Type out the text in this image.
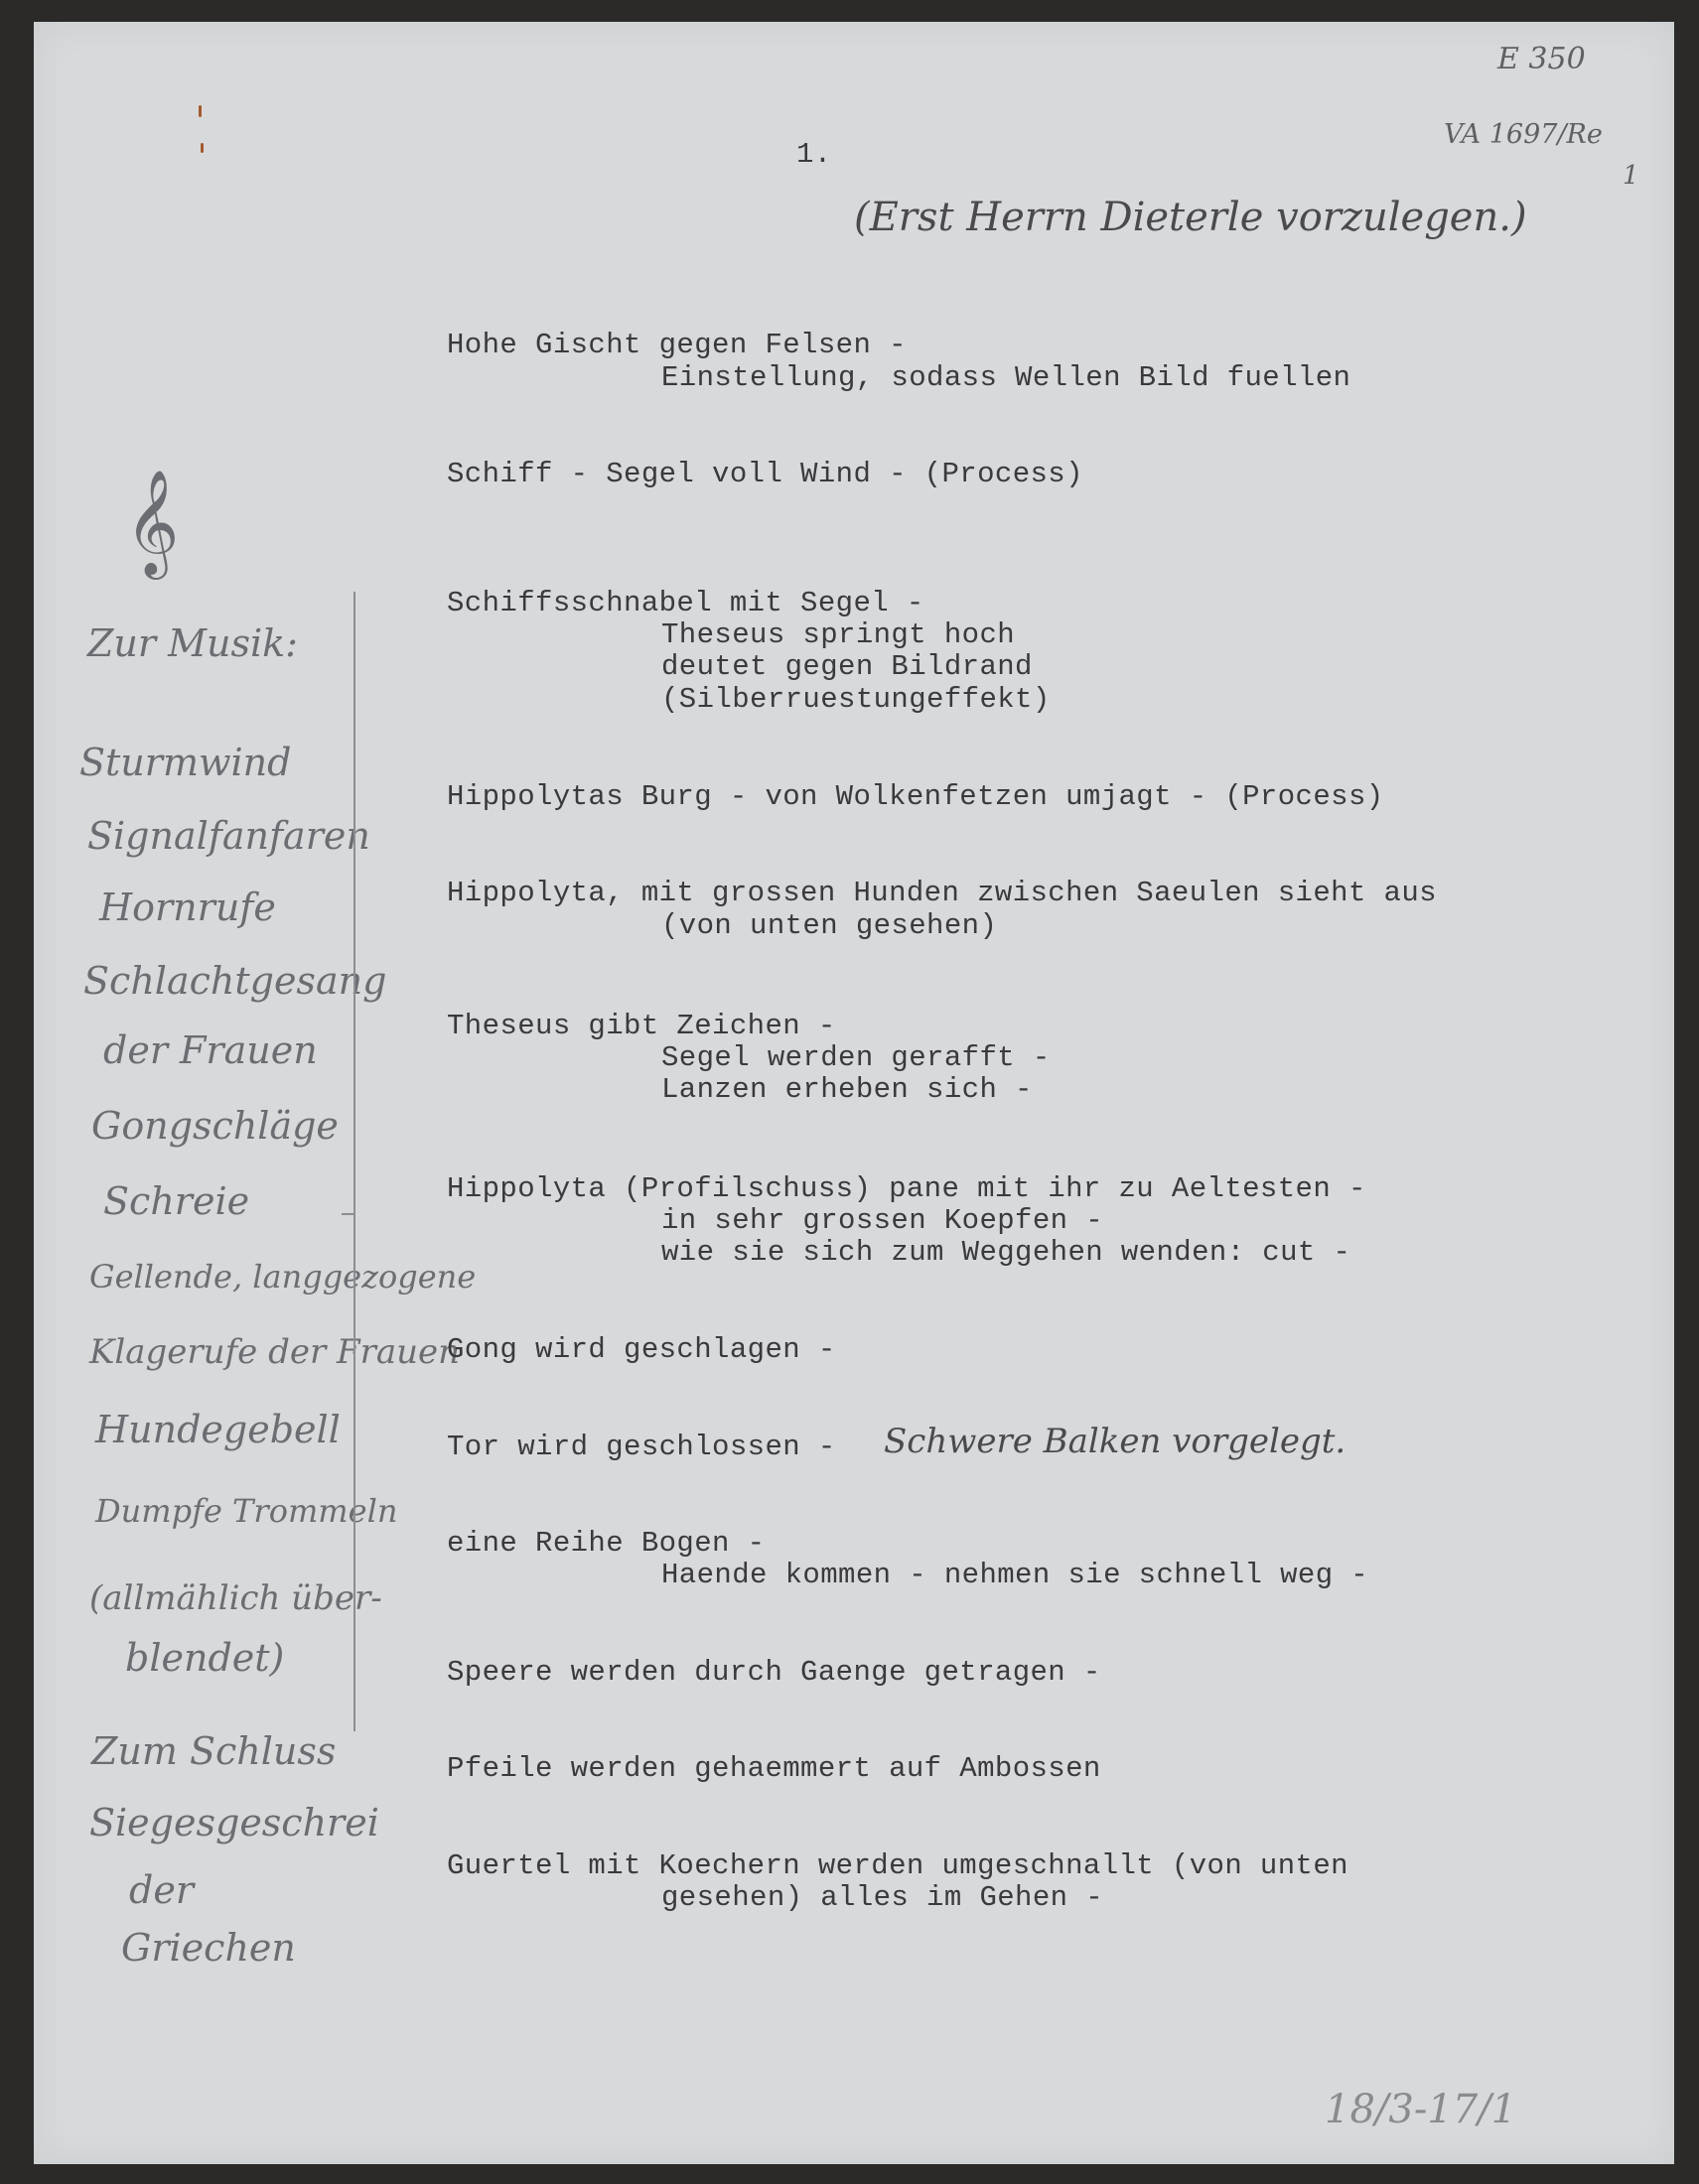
E 350

VA 1697/Re

1

1.

(Erst Herrn Dieterle vorzulegen.)

𝄞

Zur Musik:

Sturmwind

Signalfanfaren

Hornrufe

Schlachtgesang

der Frauen

Gongschläge

Schreie

Gellende, langgezogene

Klagerufe der Frauen

Hundegebell

Dumpfe Trommeln

(allmählich über-

blendet)

Zum Schluss

Siegesgeschrei

der

Griechen

Hohe Gischt gegen Felsen -

Einstellung, sodass Wellen Bild fuellen

Schiff - Segel voll Wind - (Process)

Schiffsschnabel mit Segel -

Theseus springt hoch

deutet gegen Bildrand

(Silberruestungeffekt)

Hippolytas Burg - von Wolkenfetzen umjagt - (Process)

Hippolyta, mit grossen Hunden zwischen Saeulen sieht aus

(von unten gesehen)

Theseus gibt Zeichen -

Segel werden gerafft -

Lanzen erheben sich -

Hippolyta (Profilschuss) pane mit ihr zu Aeltesten -

in sehr grossen Koepfen -

wie sie sich zum Weggehen wenden: cut -

Gong wird geschlagen -

Tor wird geschlossen - Schwere Balken vorgelegt.

eine Reihe Bogen -

Haende kommen - nehmen sie schnell weg -

Speere werden durch Gaenge getragen -

Pfeile werden gehaemmert auf Ambossen

Guertel mit Koechern werden umgeschnallt (von unten

gesehen) alles im Gehen -

18/3-17/1
